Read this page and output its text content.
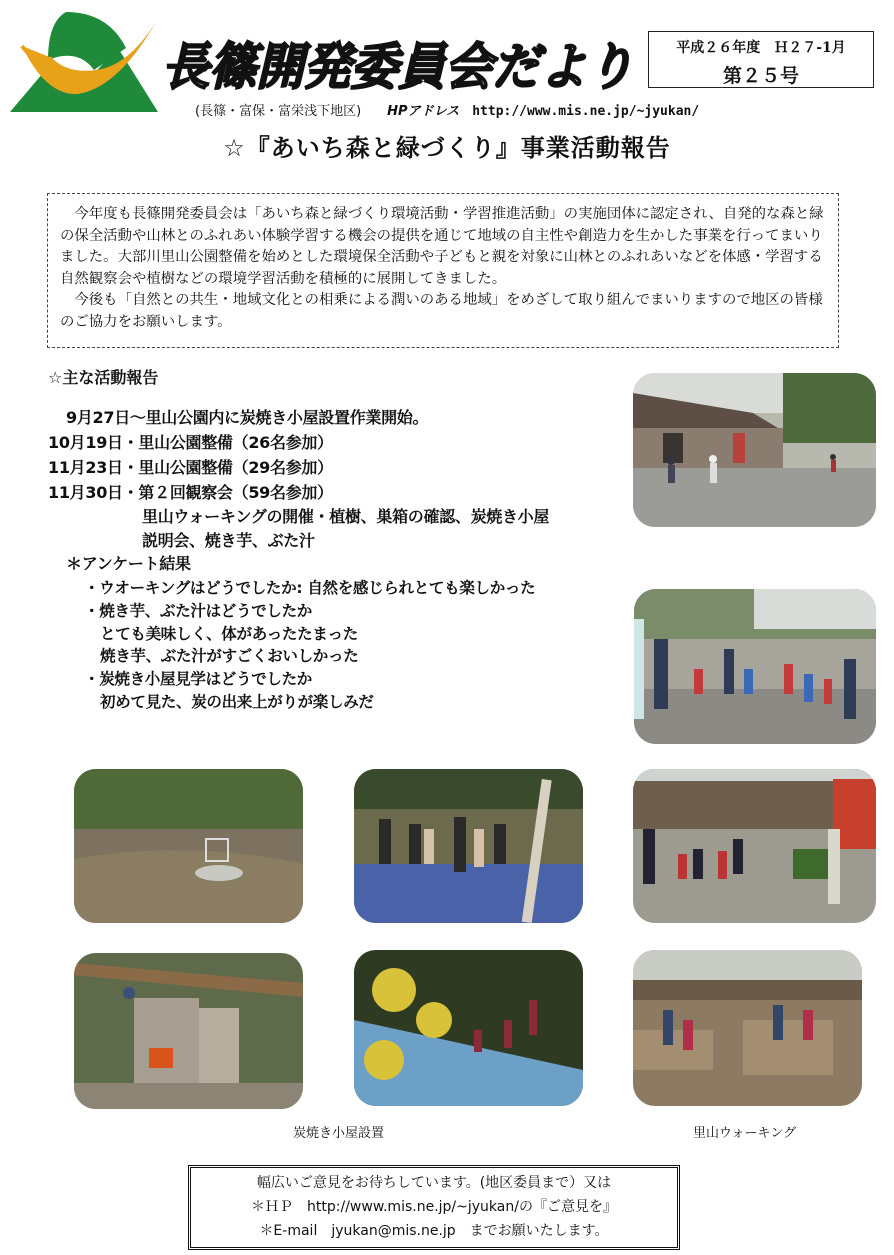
長篠開発委員会だより
(長篠・富保・富栄浅下地区)　　 HPアドレス　 http://www.mis.ne.jp/~jyukan/
平成２６年度　Ｈ２７-1月
第２５号
☆『あいち森と緑づくり』事業活動報告

今年度も長篠開発委員会は「あいち森と緑づくり環境活動・学習推進活動」の実施団体に認定され、自発的な森と緑の保全活動や山林とのふれあい体験学習する機会の提供を通じて地域の自主性や創造力を生かした事業を行ってまいりました。大部川里山公園整備を始めとした環境保全活動や子どもと親を対象に山林とのふれあいなどを体感・学習する自然観察会や植樹などの環境学習活動を積極的に展開してきました。

今後も「自然との共生・地域文化との相乗による潤いのある地域」をめざして取り組んでまいりますので地区の皆様のご協力をお願いします。

☆主な活動報告
9月27日～里山公園内に炭焼き小屋設置作業開始。
10月19日・里山公園整備（26名参加）
11月23日・里山公園整備（29名参加）
11月30日・第２回観察会（59名参加）
里山ウォーキングの開催・植樹、巣箱の確認、炭焼き小屋
説明会、焼き芋、ぶた汁
＊アンケート結果
・ウオーキングはどうでしたか: 自然を感じられとても楽しかった
・焼き芋、ぶた汁はどうでしたか
とても美味しく、体があったたまった
焼き芋、ぶた汁がすごくおいしかった
・炭焼き小屋見学はどうでしたか
初めて見た、炭の出来上がりが楽しみだ
炭焼き小屋設置	里山ウォーキング
幅広いご意見をお待ちしています。(地区委員まで）又は
＊ＨＰ　http://www.mis.ne.jp/~jyukan/の『ご意見を』
＊E-mail　jyukan@mis.ne.jp　までお願いたします。
